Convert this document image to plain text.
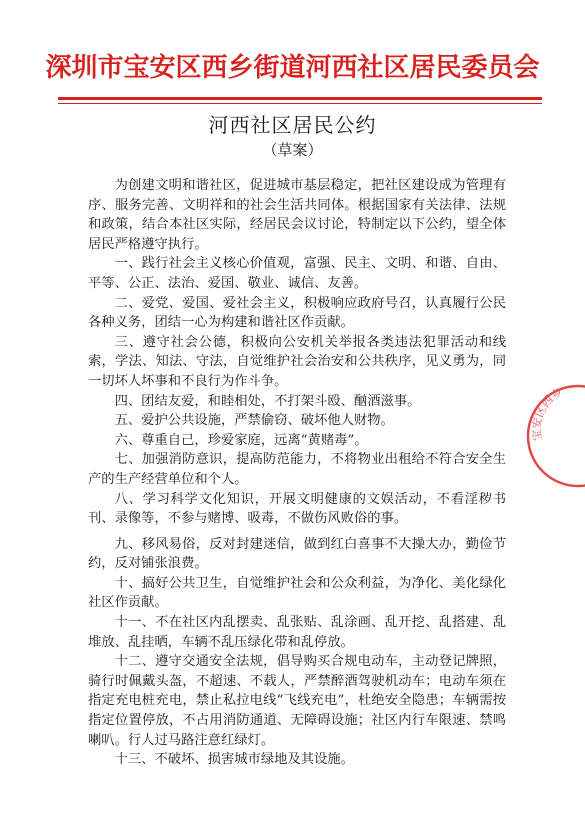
深圳市宝安区西乡街道河西社区居民委员会
河西社区居民公约
（草案）

为创建文明和谐社区，促进城市基层稳定，把社区建设成为管理有序、服务完善、文明祥和的社会生活共同体。根据国家有关法律、法规和政策，结合本社区实际，经居民会议讨论，特制定以下公约，望全体居民严格遵守执行。

一、践行社会主义核心价值观，富强、民主、文明、和谐、自由、平等、公正、法治、爱国、敬业、诚信、友善。

二、爱党、爱国、爱社会主义，积极响应政府号召，认真履行公民各种义务，团结一心为构建和谐社区作贡献。

三、遵守社会公德，积极向公安机关举报各类违法犯罪活动和线索，学法、知法、守法，自觉维护社会治安和公共秩序，见义勇为，同一切坏人坏事和不良行为作斗争。

四、团结友爱，和睦相处，不打架斗殴、酗酒滋事。

五、爱护公共设施，严禁偷窃、破坏他人财物。

六、尊重自己，珍爱家庭，远离“黄赌毒”。

七、加强消防意识，提高防范能力，不将物业出租给不符合安全生产的生产经营单位和个人。

八、学习科学文化知识，开展文明健康的文娱活动，不看淫秽书刊、录像等，不参与赌博、吸毒，不做伤风败俗的事。

九、移风易俗，反对封建迷信，做到红白喜事不大操大办，勤俭节约，反对铺张浪费。

十、搞好公共卫生，自觉维护社会和公众利益，为净化、美化绿化社区作贡献。

十一、不在社区内乱摆卖、乱张贴、乱涂画、乱开挖、乱搭建、乱堆放、乱挂晒，车辆不乱压绿化带和乱停放。

十二、遵守交通安全法规，倡导购买合规电动车，主动登记牌照，骑行时佩戴头盔，不超速、不载人，严禁醉酒驾驶机动车；电动车须在指定充电桩充电，禁止私拉电线“飞线充电”，杜绝安全隐患；车辆需按指定位置停放，不占用消防通道、无障碍设施；社区内行车限速、禁鸣喇叭。行人过马路注意红绿灯。

十三、不破坏、损害城市绿地及其设施。

宝安区西乡
